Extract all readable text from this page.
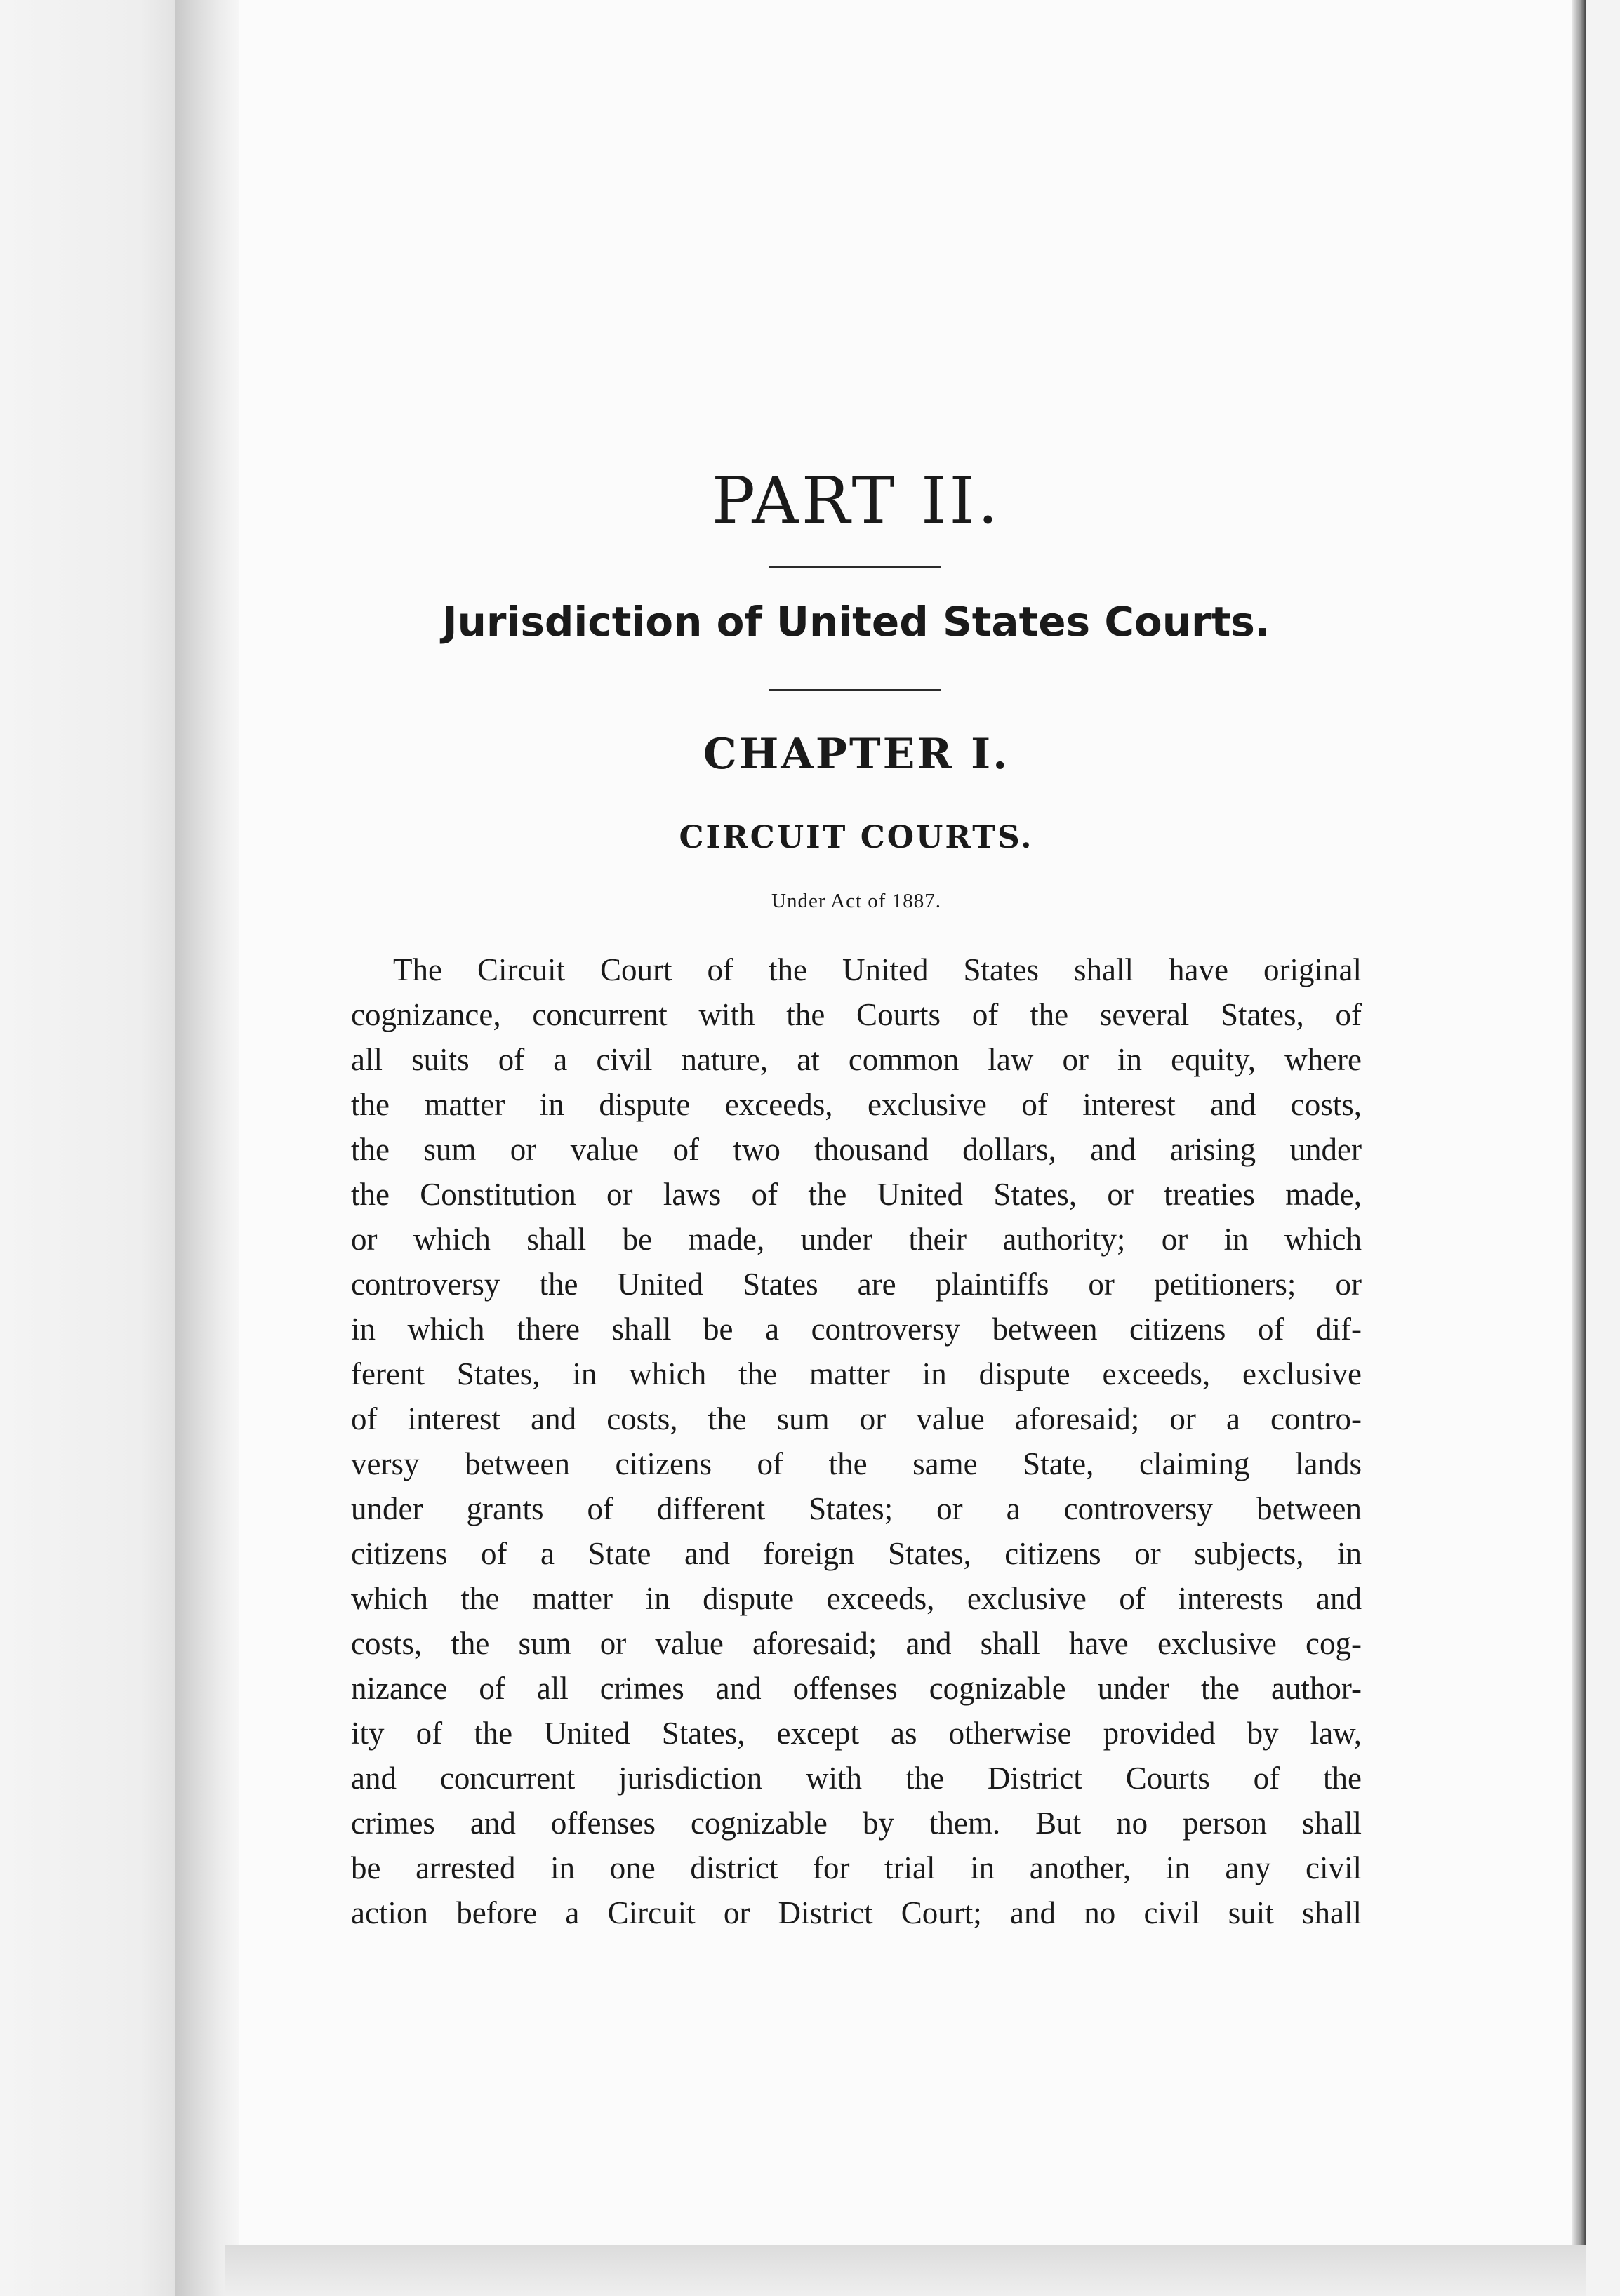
PART II.
Jurisdiction of United States Courts.
CHAPTER I.
CIRCUIT COURTS.

Under Act of 1887.

The Circuit Court of the United States shall have original
cognizance, concurrent with the Courts of the several States, of
all suits of a civil nature, at common law or in equity, where
the matter in dispute exceeds, exclusive of interest and costs,
the sum or value of two thousand dollars, and arising under
the Constitution or laws of the United States, or treaties made,
or which shall be made, under their authority; or in which
controversy the United States are plaintiffs or petitioners; or
in which there shall be a controversy between citizens of dif-
ferent States, in which the matter in dispute exceeds, exclusive
of interest and costs, the sum or value aforesaid; or a contro-
versy between citizens of the same State, claiming lands
under grants of different States; or a controversy between
citizens of a State and foreign States, citizens or subjects, in
which the matter in dispute exceeds, exclusive of interests and
costs, the sum or value aforesaid; and shall have exclusive cog-
nizance of all crimes and offenses cognizable under the author-
ity of the United States, except as otherwise provided by law,
and concurrent jurisdiction with the District Courts of the
crimes and offenses cognizable by them. But no person shall
be arrested in one district for trial in another, in any civil
action before a Circuit or District Court; and no civil suit shall
